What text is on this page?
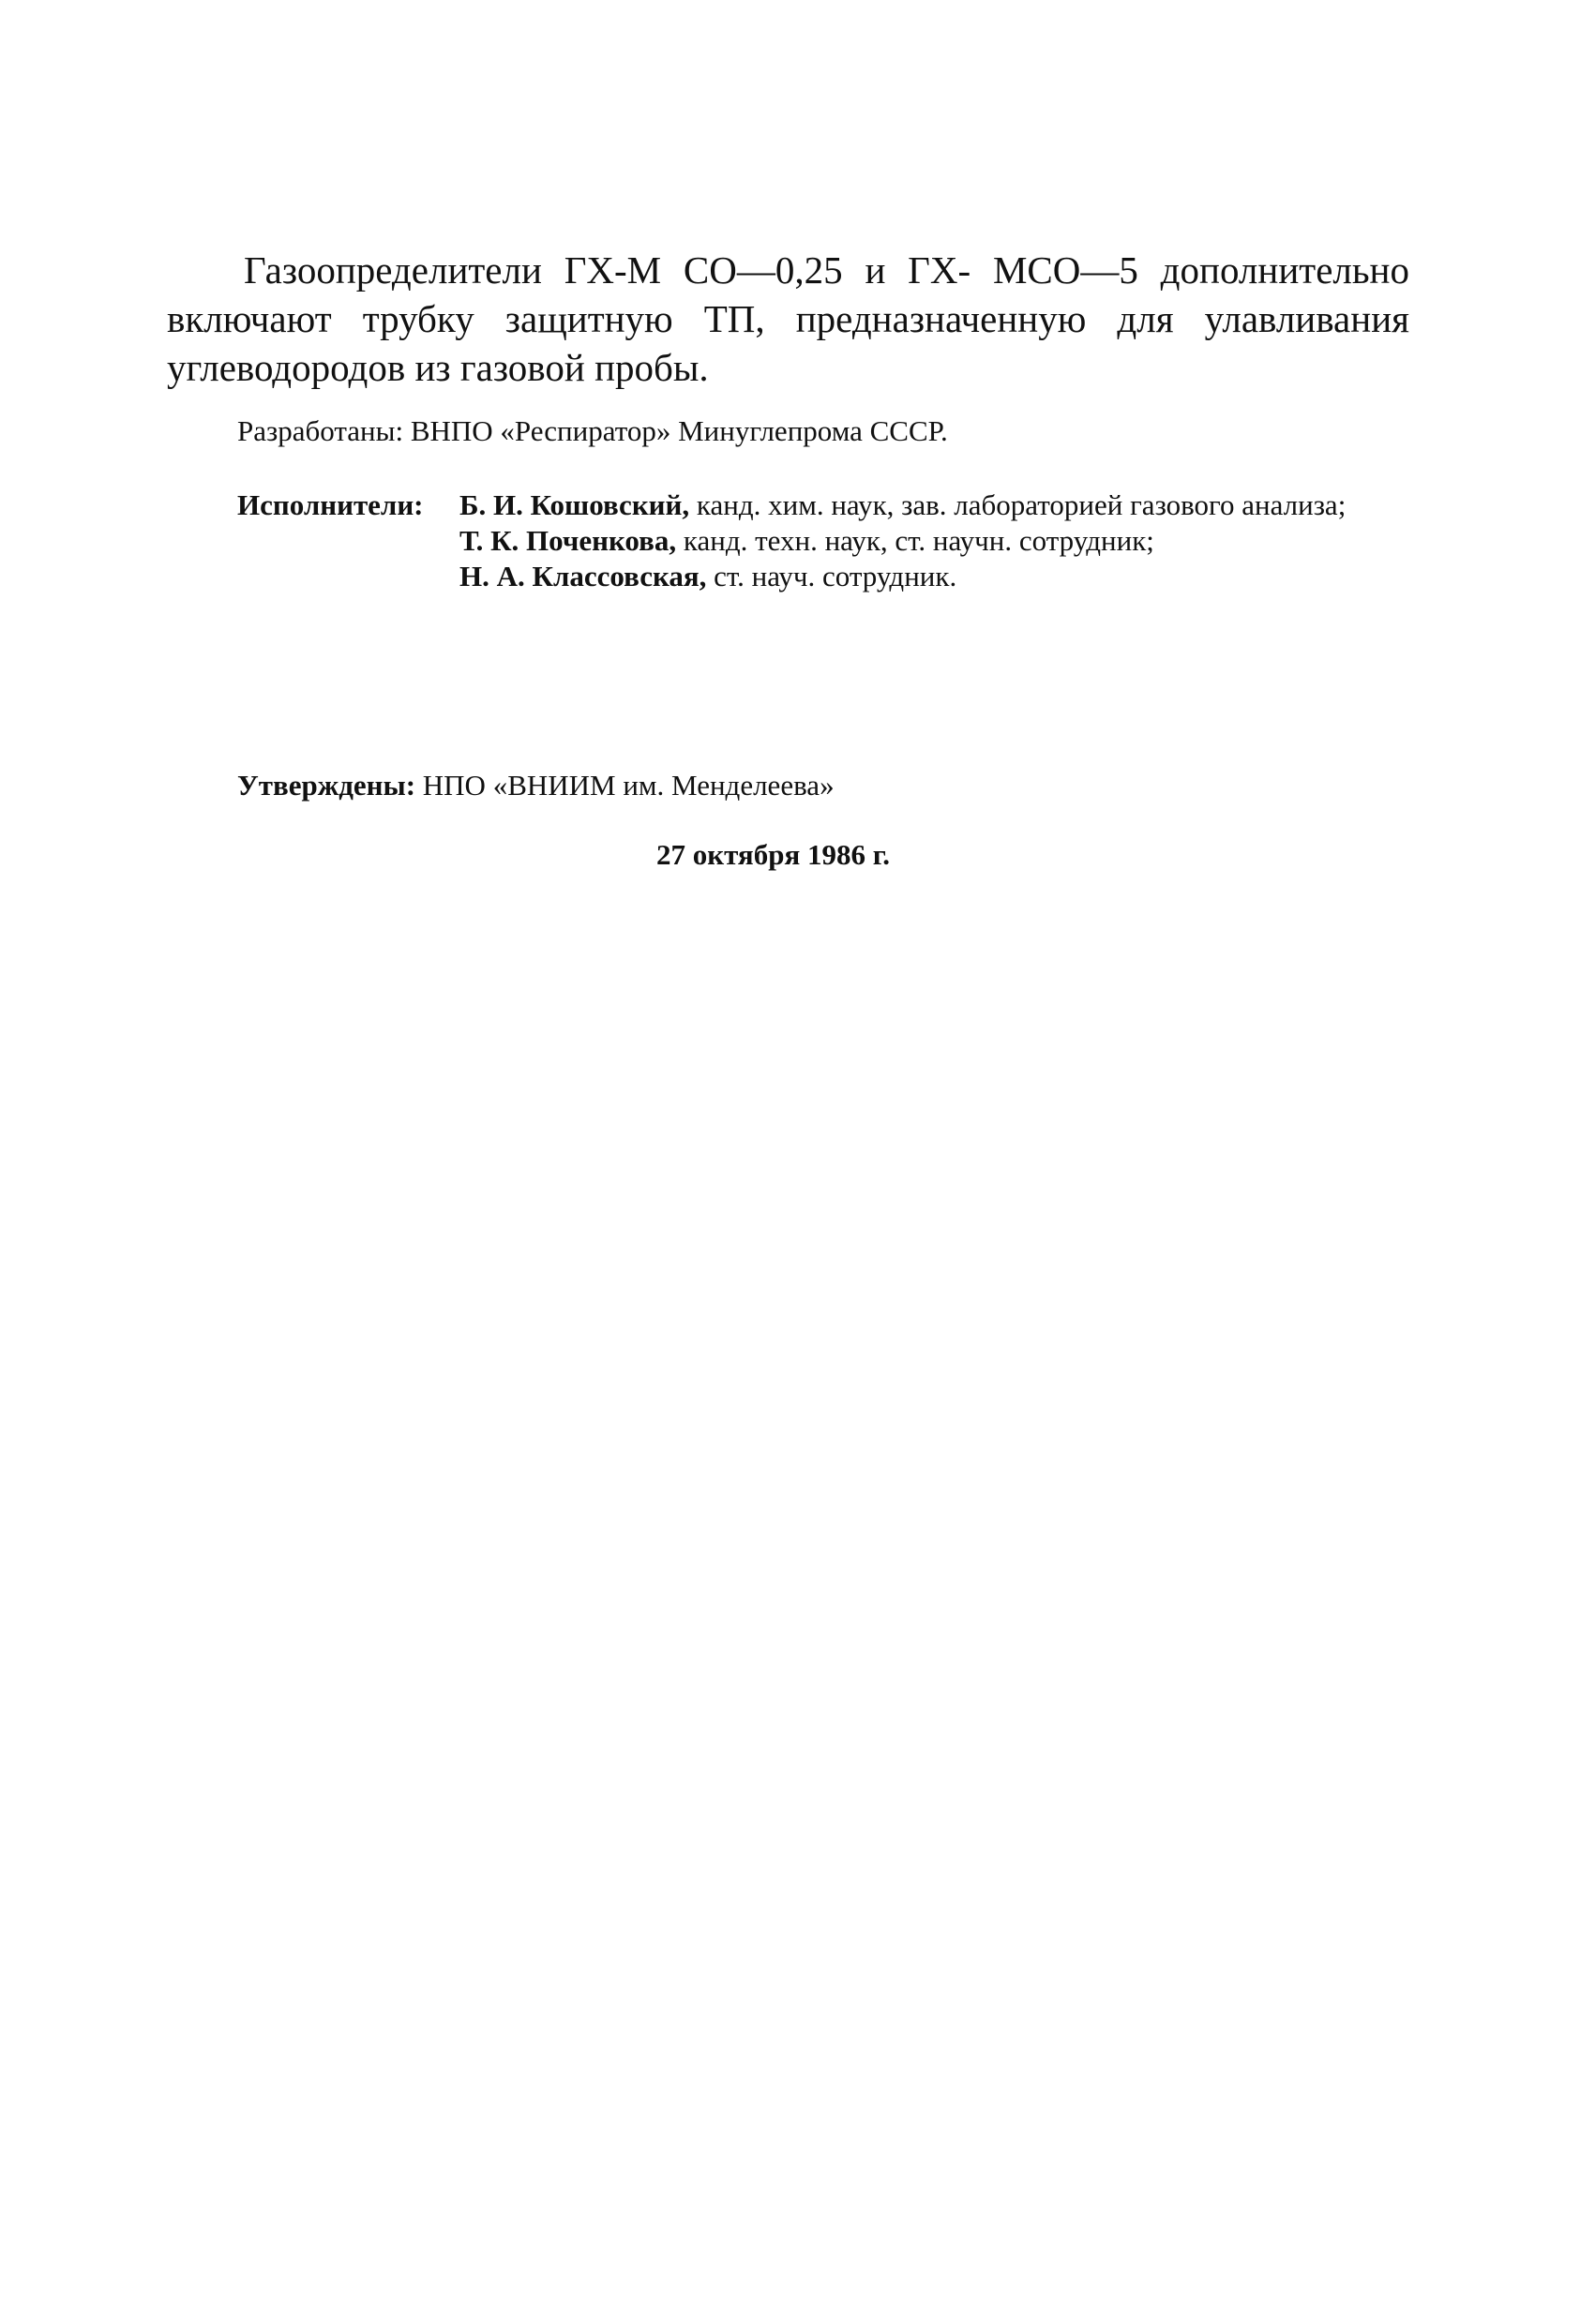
Газоопределители ГХ-М СО—0,25 и ГХ- МСО—5 дополнительно включают трубку защитную ТП, предназначенную для улавливания углеводородов из газовой пробы.

Разработаны: ВНПО «Респиратор» Минуглепрома СССР.
Исполнители: Б. И. Кошовский, канд. хим. наук, зав. лабораторией газового анализа;
Т. К. Поченкова, канд. техн. наук, ст. научн. сотрудник;
Н. А. Классовская, ст. науч. сотрудник.
Утверждены: НПО «ВНИИМ им. Менделеева»
27 октября 1986 г.
